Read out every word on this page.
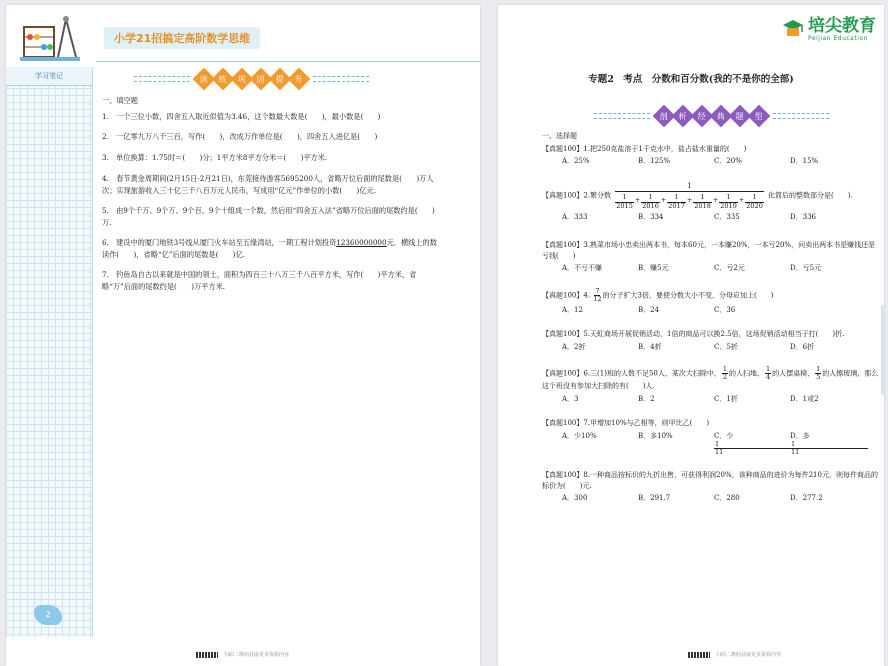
小学21招搞定高阶数学思维
学习笔记
2
演 练 巩 固 提 升
一、填空题
1.　 一个三位小数，四舍五入取近似值为3.46，这个数最大数是(　　)，最小数是(　　)
2.　 一亿零九万八千三百，写作(　　)，改成万作单位是(　　)，四舍五入进亿是(　　)
3.　 单位换算：1.75时＝(　　)分；1平方米8平方分米＝(　　)平方米.
4.　 春节黄金周期间(2月15日-2月21日)，东莞接待游客5695200人，省略万位后面的尾数是(　　)万人次；实现旅游收入三十亿三千八百万元人民币，写成用“亿元”作单位的小数(　　)亿元.
5.　 由9个千万、9个万、9个百、9个十组成一个数，然后用“四舍五入法”省略万位后面的尾数约是(　　)万.
6.　 建设中的厦门地铁3号线从厦门火车站至五缘湾站，一期工程计划投资12360000000元．横线上的数读作(　　)，省略“亿”后面的尾数是(　　)亿.
7.　 钓鱼岛自古以来就是中国的领土，面积为四百三十八万三千八百平方米，写作(　　)平方米，省略“万”后面的尾数约是(　　)万平方米.
扫码二维码获取更多资源内容
培尖教育
Peijian Education
专题2　考点　分数和百分数(我的不是你的全部)
剖 析 经 典 题 型
一、选择题
【真题100】1.把250克盐溶于1千克水中，盐占盐水重量的(　　)
A．25%	B．125%	C．20%	D．15%
【真题100】2.繁分数
1
$\frac{1}{2015} + \frac{1}{2016} + \frac{1}{2017} + \frac{1}{2018} + \frac{1}{2019} + \frac{1}{2020}$ 化简后的整数部分是(　　).
A．333	B．334	C．335	D．336
【真题100】3.熟菜市场小忠卖出两本书，每本60元，一本赚20%，一本亏20%，问卖出两本书是赚钱还是亏钱(　　)
A．不亏不赚	B．赚5元	C．亏2元	D．亏5元
【真题100】4. $\frac{7}{12}$ 的分子扩大3倍，要使分数大小不变，分母应加上(　　)
A．12	B．24	C．36
【真题100】5.天虹商场开展促销活动，1倍的商品可以换2.5倍，这场促销活动相当于打(　　)折.
A．2折	B．4折	C．5折	D．6折
【真题100】6.三(1)班的人数不足50人，某次大扫除中， $\frac{1}{2}$ 的人扫地， $\frac{1}{4}$ 的人摆桌椅， $\frac{1}{5}$ 的人擦玻璃，那么这个班没有参加大扫除的有(　　)人.
A．3	B．2	C．1折	D．1或2
【真题100】7.甲增加10%与乙相等，则甲比乙(　　)
A．少10%	B．多10%	C．少
$\frac{1}{11}$
D．多
$\frac{1}{11}$
【真题100】8.一种商品按标价的九折出售，可获得利润20%，该种商品的进价为每件210元，则每件商品的标价为(　　)元.
A．300	B．291.7	C．280	D．277.2
扫码二维码获取更多资源内容
